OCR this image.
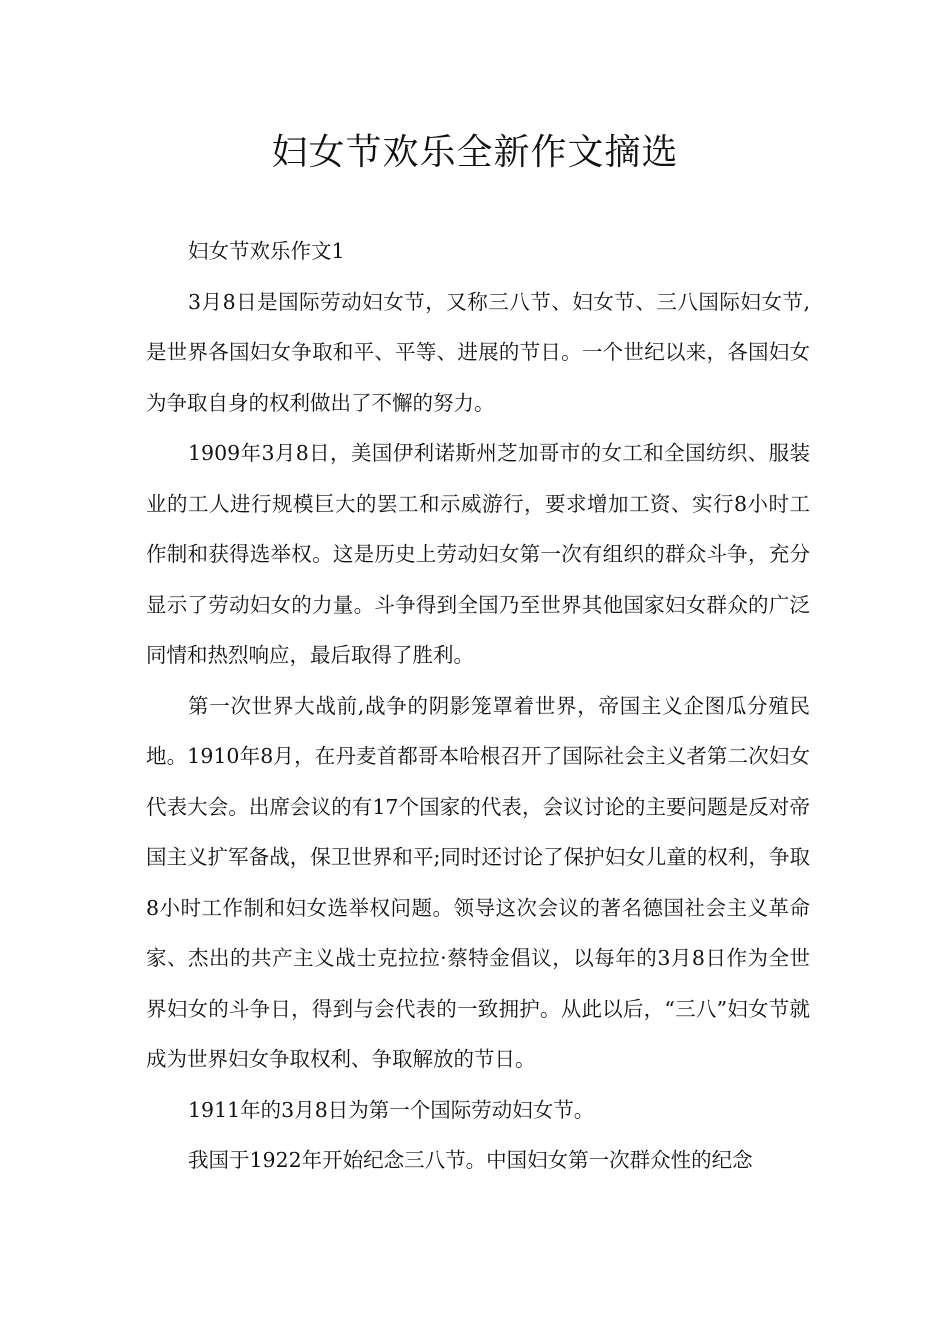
妇女节欢乐全新作文摘选

妇女节欢乐作文1

3月8日是国际劳动妇女节，又称三八节、妇女节、三八国际妇女节,是世界各国妇女争取和平、平等、进展的节日。一个世纪以来，各国妇女为争取自身的权利做出了不懈的努力。

1909年3月8日，美国伊利诺斯州芝加哥市的女工和全国纺织、服装业的工人进行规模巨大的罢工和示威游行，要求增加工资、实行8小时工作制和获得选举权。这是历史上劳动妇女第一次有组织的群众斗争，充分显示了劳动妇女的力量。斗争得到全国乃至世界其他国家妇女群众的广泛同情和热烈响应，最后取得了胜利。

第一次世界大战前,战争的阴影笼罩着世界，帝国主义企图瓜分殖民地。1910年8月，在丹麦首都哥本哈根召开了国际社会主义者第二次妇女代表大会。出席会议的有17个国家的代表，会议讨论的主要问题是反对帝国主义扩军备战，保卫世界和平;同时还讨论了保护妇女儿童的权利，争取8小时工作制和妇女选举权问题。领导这次会议的著名德国社会主义革命家、杰出的共产主义战士克拉拉·蔡特金倡议，以每年的3月8日作为全世界妇女的斗争日，得到与会代表的一致拥护。从此以后，“三八”妇女节就成为世界妇女争取权利、争取解放的节日。

1911年的3月8日为第一个国际劳动妇女节。

我国于1922年开始纪念三八节。中国妇女第一次群众性的纪念
